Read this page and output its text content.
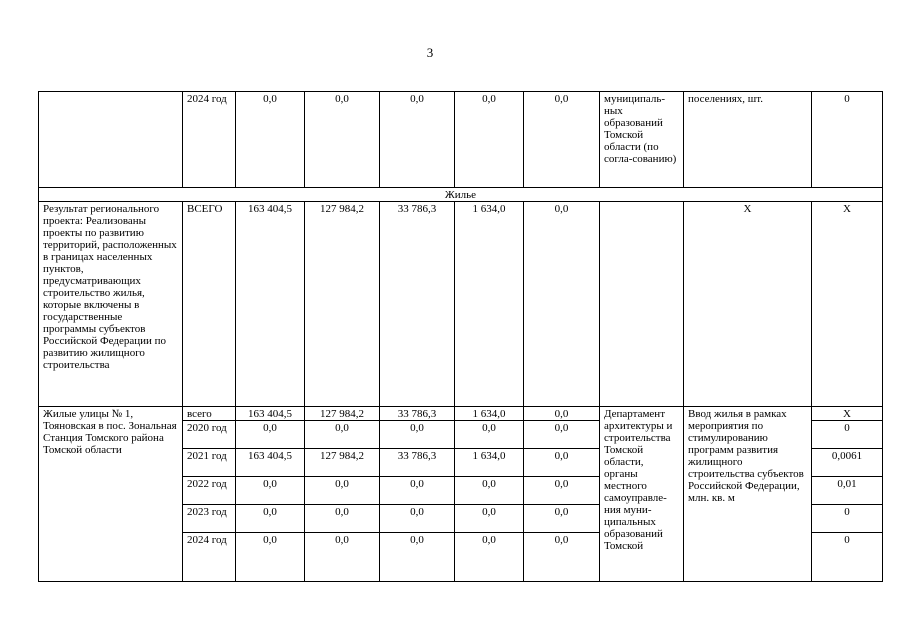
3
	2024 год	0,0	0,0	0,0	0,0	0,0	муниципаль-ных образований Томской области (по согла-сованию)	поселениях, шт.	0
Жилье									
Результат регионального проекта: Реализованы проекты по развитию территорий, расположенных в границах населенных пунктов, предусматривающих строительство жилья, которые включены в государственные программы субъектов Российской Федерации по развитию жилищного строительства	ВСЕГО	163 404,5	127 984,2	33 786,3	1 634,0	0,0		X	X
Жилые улицы № 1, Тояновская в пос. Зональная Станция Томского района Томской области	всего	163 404,5	127 984,2	33 786,3	1 634,0	0,0	Департамент архитектуры и строительства Томской области, органы местного самоуправле-ния муни-ципальных образований Томской	Ввод жилья в рамках мероприятия по стимулированию программ развития жилищного строительства субъектов Российской Федерации, млн. кв. м	X
	2020 год	0,0	0,0	0,0	0,0	0,0			0
	2021 год	163 404,5	127 984,2	33 786,3	1 634,0	0,0			0,0061
	2022 год	0,0	0,0	0,0	0,0	0,0			0,01
	2023 год	0,0	0,0	0,0	0,0	0,0			0
	2024 год	0,0	0,0	0,0	0,0	0,0			0
